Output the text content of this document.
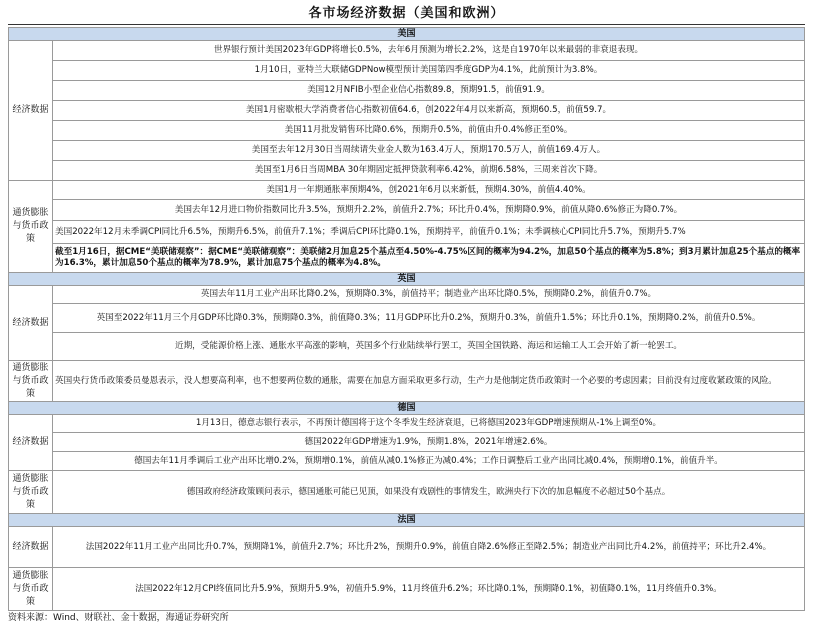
各市场经济数据（美国和欧洲）
美国	
经济数据	世界银行预计美国2023年GDP将增长0.5%，去年6月预测为增长2.2%，这是自1970年以来最弱的非衰退表现。
	1月10日，亚特兰大联储GDPNow模型预计美国第四季度GDP为4.1%，此前预计为3.8%。
	美国12月NFIB小型企业信心指数89.8，预期91.5，前值91.9。
	美国1月密歇根大学消费者信心指数初值64.6，创2022年4月以来新高，预期60.5，前值59.7。
	美国11月批发销售环比降0.6%，预期升0.5%，前值由升0.4%修正至0%。
	美国至去年12月30日当周续请失业金人数为163.4万人，预期170.5万人，前值169.4万人。
	美国至1月6日当周MBA 30年期固定抵押贷款利率6.42%，前期6.58%，三周来首次下降。
通货膨胀与货币政策	美国1月一年期通胀率预期4%，创2021年6月以来新低，预期4.30%，前值4.40%。
	美国去年12月进口物价指数同比升3.5%，预期升2.2%，前值升2.7%；环比升0.4%，预期降0.9%，前值从降0.6%修正为降0.7%。
	美国2022年12月未季调CPI同比升6.5%，预期升6.5%，前值升7.1%；季调后CPI环比降0.1%，预期持平，前值升0.1%；未季调核心CPI同比升5.7%，预期升5.7%
	截至1月16日，据CME“美联储观察”：据CME“美联储观察”：美联储2月加息25个基点至4.50%-4.75%区间的概率为94.2%，加息50个基点的概率为5.8%；到3月累计加息25个基点的概率为16.3%，累计加息50个基点的概率为78.9%，累计加息75个基点的概率为4.8%。
英国	
经济数据	英国去年11月工业产出环比降0.2%，预期降0.3%，前值持平；制造业产出环比降0.5%，预期降0.2%，前值升0.7%。
	英国至2022年11月三个月GDP环比降0.3%，预期降0.3%，前值降0.3%；11月GDP环比升0.2%，预期升0.3%，前值升1.5%；环比升0.1%，预期降0.2%，前值升0.5%。
	近期，受能源价格上涨、通胀水平高涨的影响，英国多个行业陆续举行罢工，英国全国铁路、海运和运输工人工会开始了新一轮罢工。
通货膨胀与货币政策	英国央行货币政策委员曼恩表示，没人想要高利率，也不想要两位数的通胀，需要在加息方面采取更多行动，生产力是他制定货币政策时一个必要的考虑因素；目前没有过度收紧政策的风险。
德国	
经济数据	1月13日，德意志银行表示，不再预计德国将于这个冬季发生经济衰退，已将德国2023年GDP增速预期从-1%上调至0%。
	德国2022年GDP增速为1.9%，预期1.8%，2021年增速2.6%。
	德国去年11月季调后工业产出环比增0.2%，预期增0.1%，前值从减0.1%修正为减0.4%；工作日调整后工业产出同比减0.4%，预期增0.1%，前值升半。
通货膨胀与货币政策	德国政府经济政策顾问表示，德国通胀可能已见顶，如果没有戏剧性的事情发生，欧洲央行下次的加息幅度不必超过50个基点。
法国	
经济数据	法国2022年11月工业产出同比升0.7%，预期降1%，前值升2.7%；环比升2%，预期升0.9%，前值自降2.6%修正至降2.5%；制造业产出同比升4.2%，前值持平；环比升2.4%。
通货膨胀与货币政策	法国2022年12月CPI终值同比升5.9%，预期升5.9%，初值升5.9%，11月终值升6.2%；环比降0.1%，预期降0.1%，初值降0.1%，11月终值升0.3%。
资料来源：Wind、财联社、金十数据，海通证券研究所
